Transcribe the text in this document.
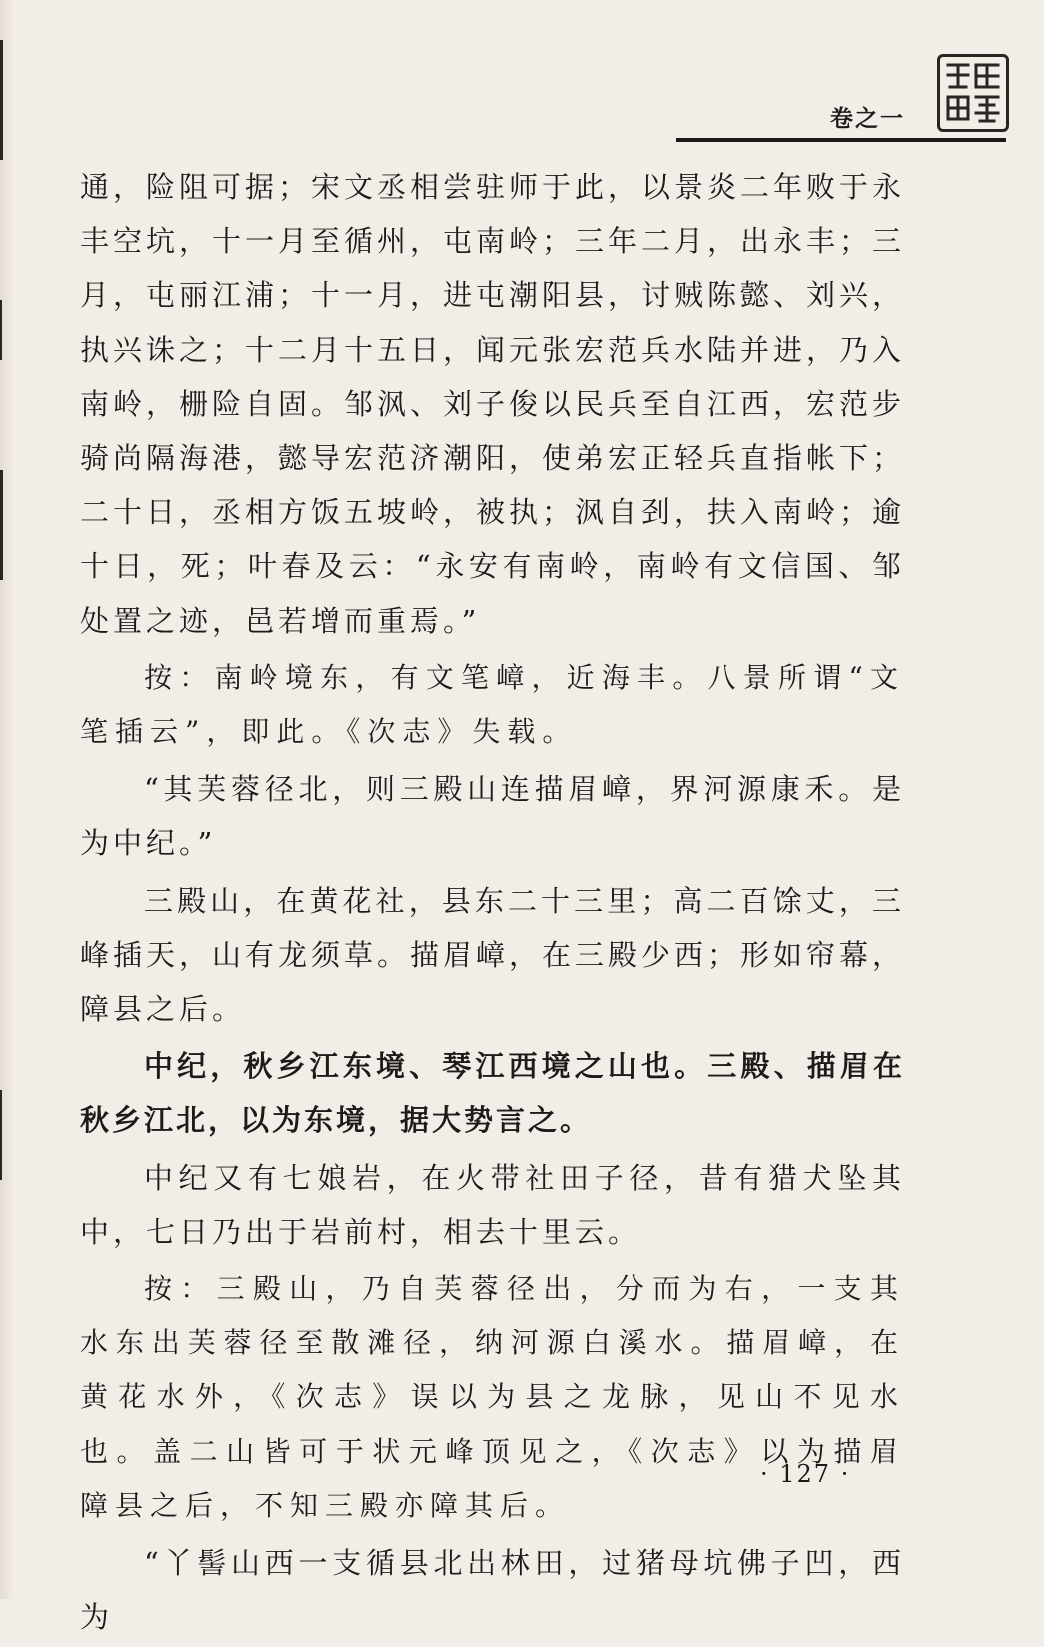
卷之一

通，险阻可据；宋文丞相尝驻师于此，以景炎二年败于永丰空坑，十一月至循州，屯南岭；三年二月，出永丰；三月，屯丽江浦；十一月，进屯潮阳县，讨贼陈懿、刘兴，执兴诛之；十二月十五日，闻元张宏范兵水陆并进，乃入南岭，栅险自固。邹沨、刘子俊以民兵至自江西，宏范步骑尚隔海港，懿导宏范济潮阳，使弟宏正轻兵直指帐下；二十日，丞相方饭五坡岭，被执；沨自刭，扶入南岭；逾十日，死；叶春及云：“永安有南岭，南岭有文信国、邹处置之迹，邑若增而重焉。”

按：南岭境东，有文笔嶂，近海丰。八景所谓“文笔插云”，即此。《次志》失载。

“其芙蓉径北，则三殿山连描眉嶂，界河源康禾。是为中纪。”

三殿山，在黄花社，县东二十三里；高二百馀丈，三峰插天，山有龙须草。描眉嶂，在三殿少西；形如帘幕，障县之后。

中纪，秋乡江东境、琴江西境之山也。三殿、描眉在秋乡江北，以为东境，据大势言之。

中纪又有七娘岩，在火带社田子径，昔有猎犬坠其中，七日乃出于岩前村，相去十里云。

按：三殿山，乃自芙蓉径出，分而为右，一支其水东出芙蓉径至散滩径，纳河源白溪水。描眉嶂，在黄花水外，《次志》误以为县之龙脉，见山不见水也。盖二山皆可于状元峰顶见之，《次志》以为描眉障县之后，不知三殿亦障其后。

“丫髻山西一支循县北出林田，过猪母坑佛子凹，西为

· 127 ·
